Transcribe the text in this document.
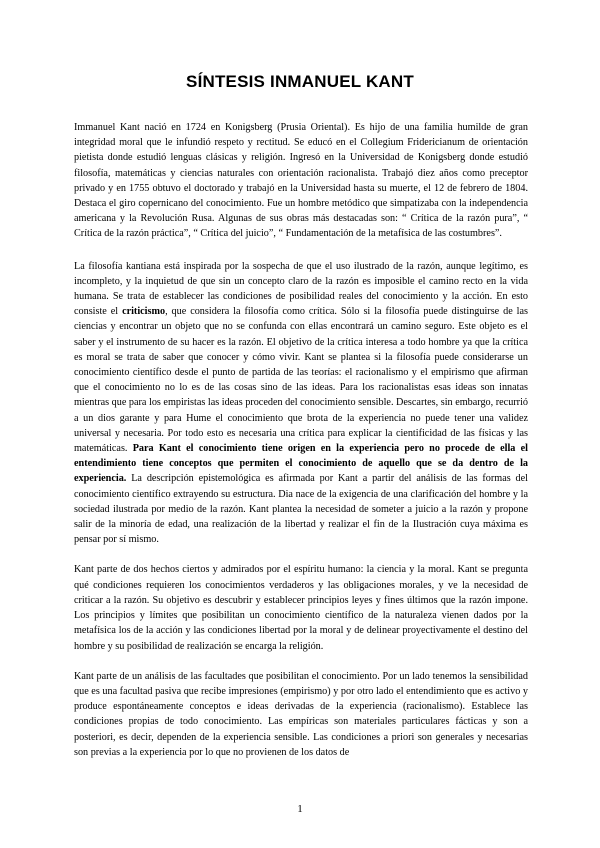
SÍNTESIS INMANUEL KANT

Immanuel Kant nació en 1724 en Konigsberg (Prusia Oriental). Es hijo de una familia humilde de gran integridad moral que le infundió respeto y rectitud. Se educó en el Collegium Fridericianum de orientación pietista donde estudió lenguas clásicas y religión. Ingresó en la Universidad de Konigsberg donde estudió filosofía, matemáticas y ciencias naturales con orientación racionalista. Trabajó diez años como preceptor privado y en 1755 obtuvo el doctorado y trabajó en la Universidad hasta su muerte, el 12 de febrero de 1804. Destaca el giro copernicano del conocimiento. Fue un hombre metódico que simpatizaba con la independencia americana y la Revolución Rusa. Algunas de sus obras más destacadas son: “ Crítica de la razón pura”, “ Crítica de la razón práctica”, “ Crítica del juicio”, “ Fundamentación de la metafísica de las costumbres”.

La filosofía kantiana está inspirada por la sospecha de que el uso ilustrado de la razón, aunque legítimo, es incompleto, y la inquietud de que sin un concepto claro de la razón es imposible el camino recto en la vida humana. Se trata de establecer las condiciones de posibilidad reales del conocimiento y la acción. En esto consiste el criticismo, que considera la filosofía como crítica. Sólo si la filosofía puede distinguirse de las ciencias y encontrar un objeto que no se confunda con ellas encontrará un camino seguro. Este objeto es el saber y el instrumento de su hacer es la razón. El objetivo de la crítica interesa a todo hombre ya que la crítica es moral se trata de saber que conocer y cómo vivir. Kant se plantea si la filosofía puede considerarse un conocimiento científico desde el punto de partida de las teorías: el racionalismo y el empirismo que afirman que el conocimiento no lo es de las cosas sino de las ideas. Para los racionalistas esas ideas son innatas mientras que para los empiristas las ideas proceden del conocimiento sensible. Descartes, sin embargo, recurrió a un dios garante y para Hume el conocimiento que brota de la experiencia no puede tener una validez universal y necesaria. Por todo esto es necesaria una crítica para explicar la cientificidad de las físicas y las matemáticas. Para Kant el conocimiento tiene origen en la experiencia pero no procede de ella el entendimiento tiene conceptos que permiten el conocimiento de aquello que se da dentro de la experiencia. La descripción epistemológica es afirmada por Kant a partir del análisis de las formas del conocimiento científico extrayendo su estructura. Dia nace de la exigencia de una clarificación del hombre y la sociedad ilustrada por medio de la razón. Kant plantea la necesidad de someter a juicio a la razón y propone salir de la minoría de edad, una realización de la libertad y realizar el fin de la Ilustración cuya máxima es pensar por sí mismo.

Kant parte de dos hechos ciertos y admirados por el espíritu humano: la ciencia y la moral. Kant se pregunta qué condiciones requieren los conocimientos verdaderos y las obligaciones morales, y ve la necesidad de criticar a la razón. Su objetivo es descubrir y establecer principios leyes y fines últimos que la razón impone. Los principios y límites que posibilitan un conocimiento científico de la naturaleza vienen dados por la metafísica los de la acción y las condiciones libertad por la moral y de delinear proyectivamente el destino del hombre y su posibilidad de realización se encarga la religión.

Kant parte de un análisis de las facultades que posibilitan el conocimiento. Por un lado tenemos la sensibilidad que es una facultad pasiva que recibe impresiones (empirismo) y por otro lado el entendimiento que es activo y produce espontáneamente conceptos e ideas derivadas de la experiencia (racionalismo). Establece las condiciones propias de todo conocimiento. Las empíricas son materiales particulares fácticas y son a posteriori, es decir, dependen de la experiencia sensible. Las condiciones a priori son generales y necesarias son previas a la experiencia por lo que no provienen de los datos de

1
